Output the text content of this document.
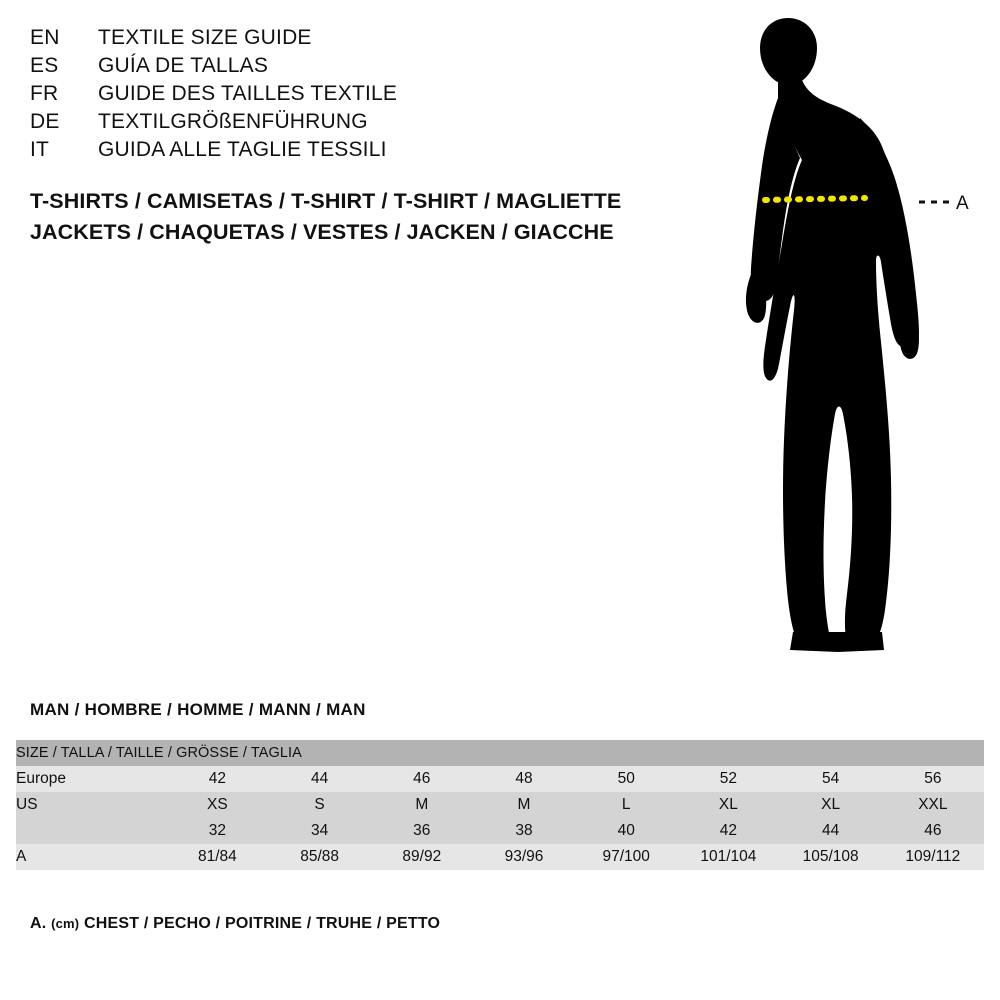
EN	TEXTILE SIZE GUIDE
ES	GUÍA DE TALLAS
FR	GUIDE DES TAILLES TEXTILE
DE	TEXTILGRÖßENFÜHRUNG
IT	GUIDA ALLE TAGLIE TESSILI
T-SHIRTS / CAMISETAS / T-SHIRT / T-SHIRT / MAGLIETTE
JACKETS / CHAQUETAS / VESTES / JACKEN / GIACCHE
A
MAN / HOMBRE / HOMME / MANN / MAN
SIZE / TALLA / TAILLE / GRÖSSE / TAGLIA								
Europe	42	44	46	48	50	52	54	56
US	XS	S	M	M	L	XL	XL	XXL
	32	34	36	38	40	42	44	46
A	81/84	85/88	89/92	93/96	97/100	101/104	105/108	109/112
A. (cm) CHEST / PECHO / POITRINE / TRUHE / PETTO
